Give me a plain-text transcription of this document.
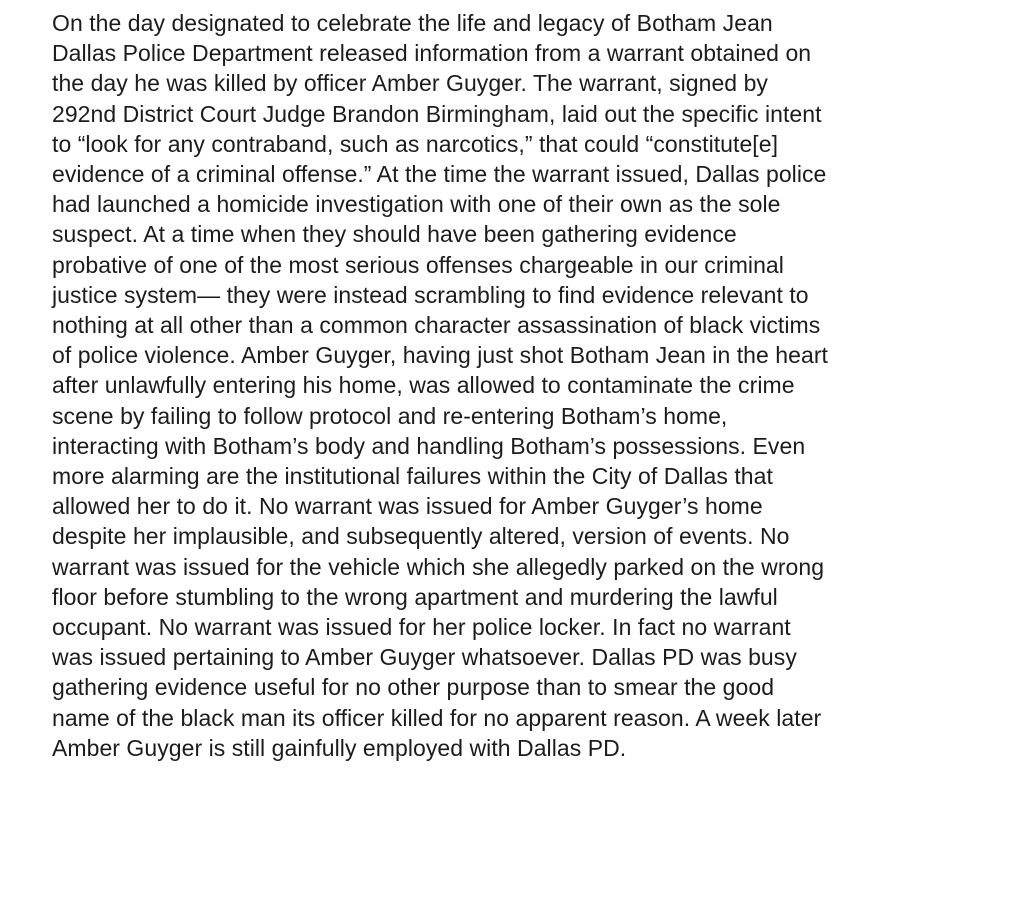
On the day designated to celebrate the life and legacy of Botham Jean
Dallas Police Department released information from a warrant obtained on
the day he was killed by officer Amber Guyger. The warrant, signed by
292nd District Court Judge Brandon Birmingham, laid out the specific intent
to “look for any contraband, such as narcotics,” that could “constitute[e]
evidence of a criminal offense.” At the time the warrant issued, Dallas police
had launched a homicide investigation with one of their own as the sole
suspect. At a time when they should have been gathering evidence
probative of one of the most serious offenses chargeable in our criminal
justice system— they were instead scrambling to find evidence relevant to
nothing at all other than a common character assassination of black victims
of police violence. Amber Guyger, having just shot Botham Jean in the heart
after unlawfully entering his home, was allowed to contaminate the crime
scene by failing to follow protocol and re-entering Botham’s home,
interacting with Botham’s body and handling Botham’s possessions. Even
more alarming are the institutional failures within the City of Dallas that
allowed her to do it. No warrant was issued for Amber Guyger’s home
despite her implausible, and subsequently altered, version of events. No
warrant was issued for the vehicle which she allegedly parked on the wrong
floor before stumbling to the wrong apartment and murdering the lawful
occupant. No warrant was issued for her police locker. In fact no warrant
was issued pertaining to Amber Guyger whatsoever. Dallas PD was busy
gathering evidence useful for no other purpose than to smear the good
name of the black man its officer killed for no apparent reason. A week later
Amber Guyger is still gainfully employed with Dallas PD.
